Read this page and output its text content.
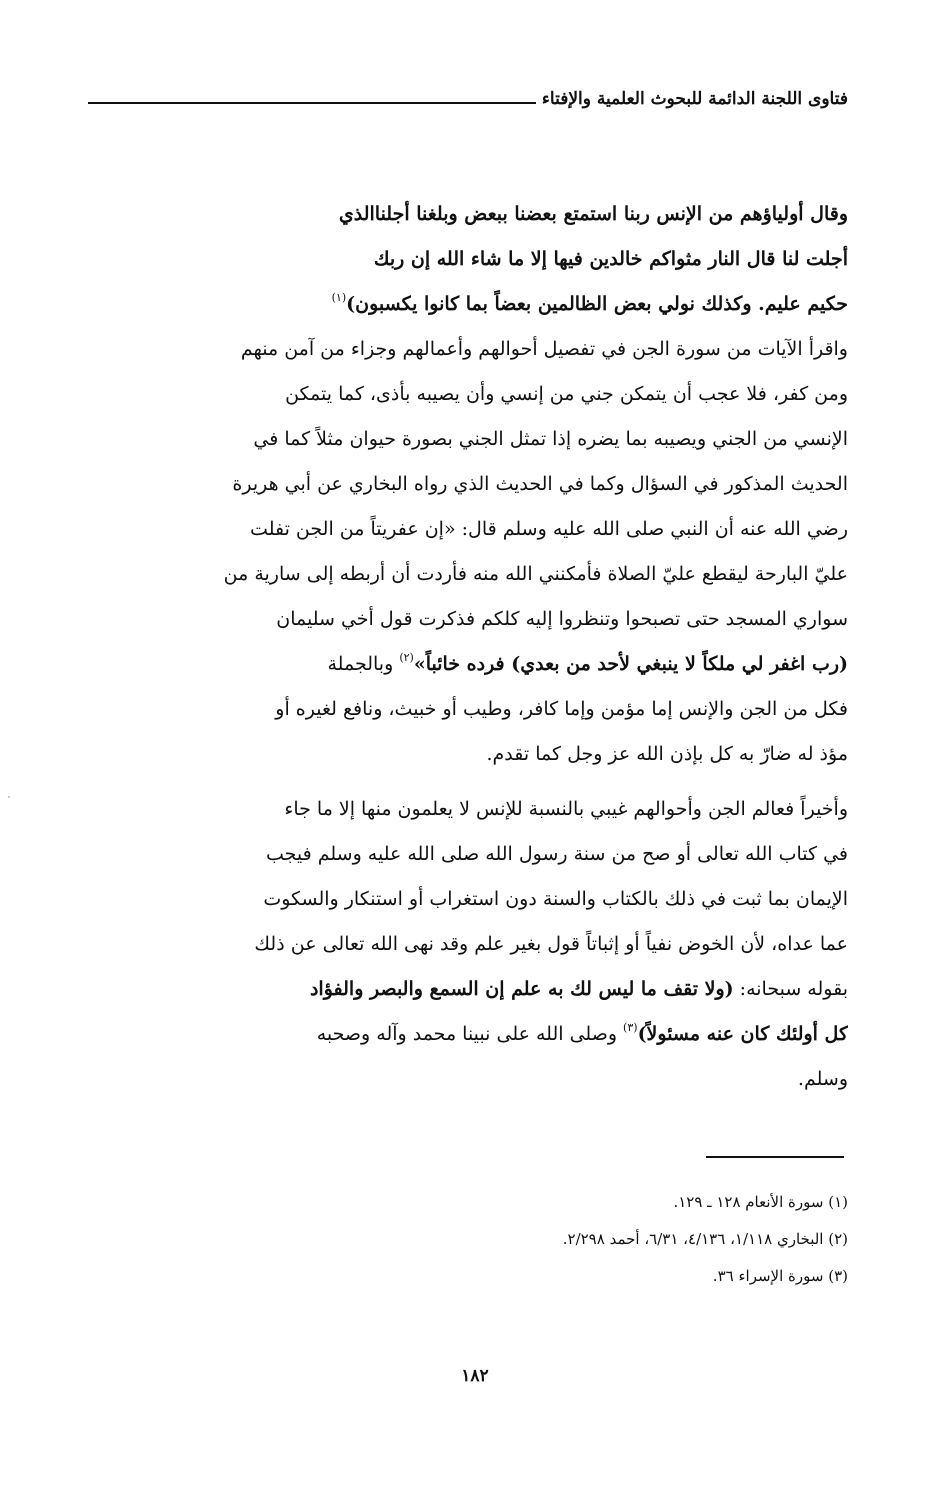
فتاوى اللجنة الدائمة للبحوث العلمية والإفتاء
وقال أولياؤهم من الإنس ربنا استمتع بعضنا ببعض وبلغنا أجلناالذي
أجلت لنا قال النار مثواكم خالدين فيها إلا ما شاء الله إن ربك
حكيم عليم. وكذلك نولي بعض الظالمين بعضاً بما كانوا يكسبون)$^{(١)}$
واقرأ الآيات من سورة الجن في تفصيل أحوالهم وأعمالهم وجزاء من آمن منهم
ومن كفر، فلا عجب أن يتمكن جني من إنسي وأن يصيبه بأذى، كما يتمكن
الإنسي من الجني ويصيبه بما يضره إذا تمثل الجني بصورة حيوان مثلاً كما في
الحديث المذكور في السؤال وكما في الحديث الذي رواه البخاري عن أبي هريرة
رضي الله عنه أن النبي صلى الله عليه وسلم قال: «إن عفريتاً من الجن تفلت
عليّ البارحة ليقطع عليّ الصلاة فأمكنني الله منه فأردت أن أربطه إلى سارية من
سواري المسجد حتى تصبحوا وتنظروا إليه كلكم فذكرت قول أخي سليمان
(رب اغفر لي ملكاً لا ينبغي لأحد من بعدي) فرده خائباً»$^{(٢)}$ وبالجملة
فكل من الجن والإنس إما مؤمن وإما كافر، وطيب أو خبيث، ونافع لغيره أو
مؤذ له ضارّ به كل بإذن الله عز وجل كما تقدم.
وأخيراً فعالم الجن وأحوالهم غيبي بالنسبة للإنس لا يعلمون منها إلا ما جاء
في كتاب الله تعالى أو صح من سنة رسول الله صلى الله عليه وسلم فيجب
الإيمان بما ثبت في ذلك بالكتاب والسنة دون استغراب أو استنكار والسكوت
عما عداه، لأن الخوض نفياً أو إثباتاً قول بغير علم وقد نهى الله تعالى عن ذلك
بقوله سبحانه: (ولا تقف ما ليس لك به علم إن السمع والبصر والفؤاد
كل أولئك كان عنه مسئولاً)$^{(٣)}$ وصلى الله على نبينا محمد وآله وصحبه
وسلم.
(١) سورة الأنعام ١٢٨ ـ ١٢٩.
(٢) البخاري ١/١١٨، ٤/١٣٦، ٦/٣١، أحمد ٢/٢٩٨.
(٣) سورة الإسراء ٣٦.
١٨٢
